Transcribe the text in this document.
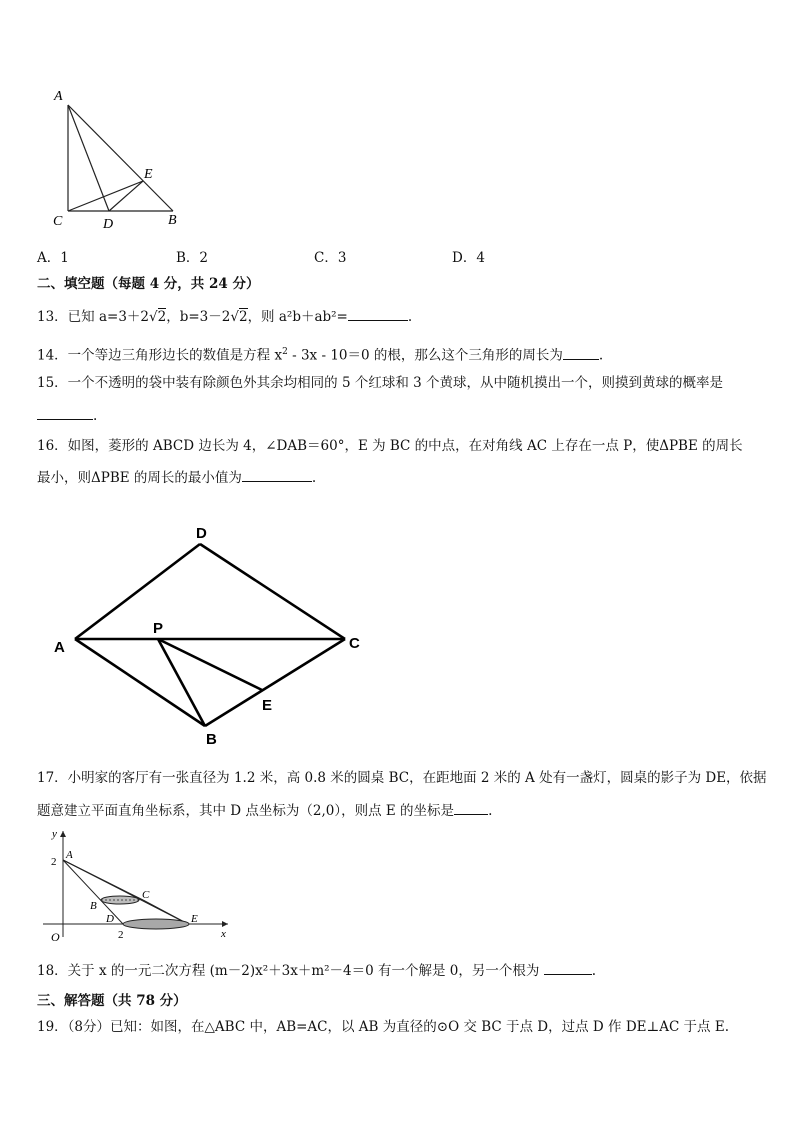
A
C	D
E
B
A．1	B．2	C．3	D．4
二、填空题（每题 4 分，共 24 分）
13．已知 a=3＋2√2，b=3－2√2，则 a²b＋ab²=	.
14．一个等边三角形边长的数值是方程 $x^2 - 3x - 10=0$ 的根，那么这个三角形的周长为	.
15．一个不透明的袋中装有除颜色外其余均相同的 5 个红球和 3 个黄球，从中随机摸出一个，则摸到黄球的概率是
.
16．如图，菱形的 ABCD 边长为 4，∠DAB＝60°，E 为 BC 的中点，在对角线 AC 上存在一点 P，使ΔPBE 的周长
最小，则ΔPBE 的周长的最小值为	.
D
A
P
C
E
B
17．小明家的客厅有一张直径为 1.2 米，高 0.8 米的圆桌 BC，在距地面 2 米的 A 处有一盏灯，圆桌的影子为 DE，依据
题意建立平面直角坐标系，其中 D 点坐标为（2,0），则点 E 的坐标是	.
y
x
O
A
2
B
C
D	E
2
18．关于 x 的一元二次方程 (m－2)x²＋3x＋m²－4＝0 有一个解是 0，另一个根为	.
三、解答题（共 78 分）
19．（8分）已知：如图，在△ABC 中，AB=AC，以 AB 为直径的⊙O 交 BC 于点 D，过点 D 作 DE⊥AC 于点 E.
